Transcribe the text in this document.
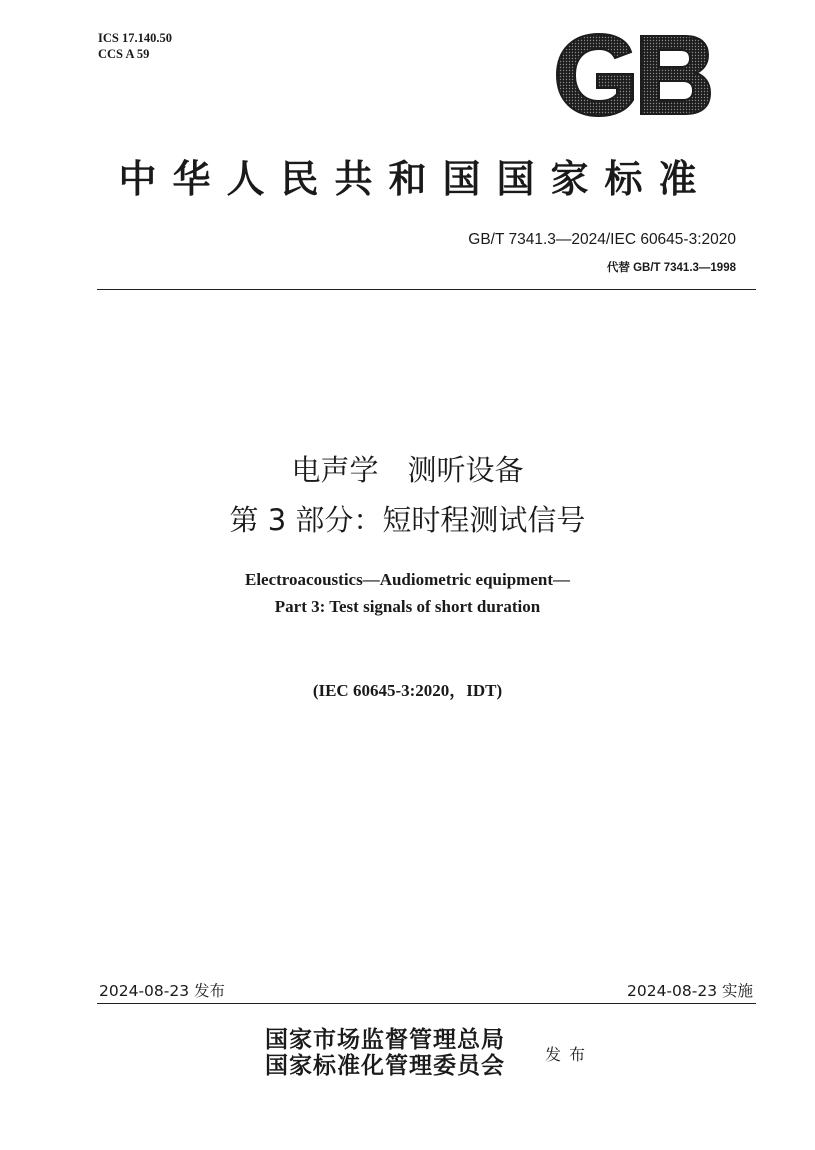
ICS 17.140.50
CCS A 59
GB
中华人民共和国国家标准
GB/T 7341.3—2024/IEC 60645-3:2020
代替 GB/T 7341.3—1998
电声学　测听设备
第 3 部分：短时程测试信号
Electroacoustics—Audiometric equipment—
Part 3: Test signals of short duration
(IEC 60645-3:2020，IDT)
2024-08-23 发布	2024-08-23 实施
国家市场监督管理总局
国家标准化管理委员会	发布
